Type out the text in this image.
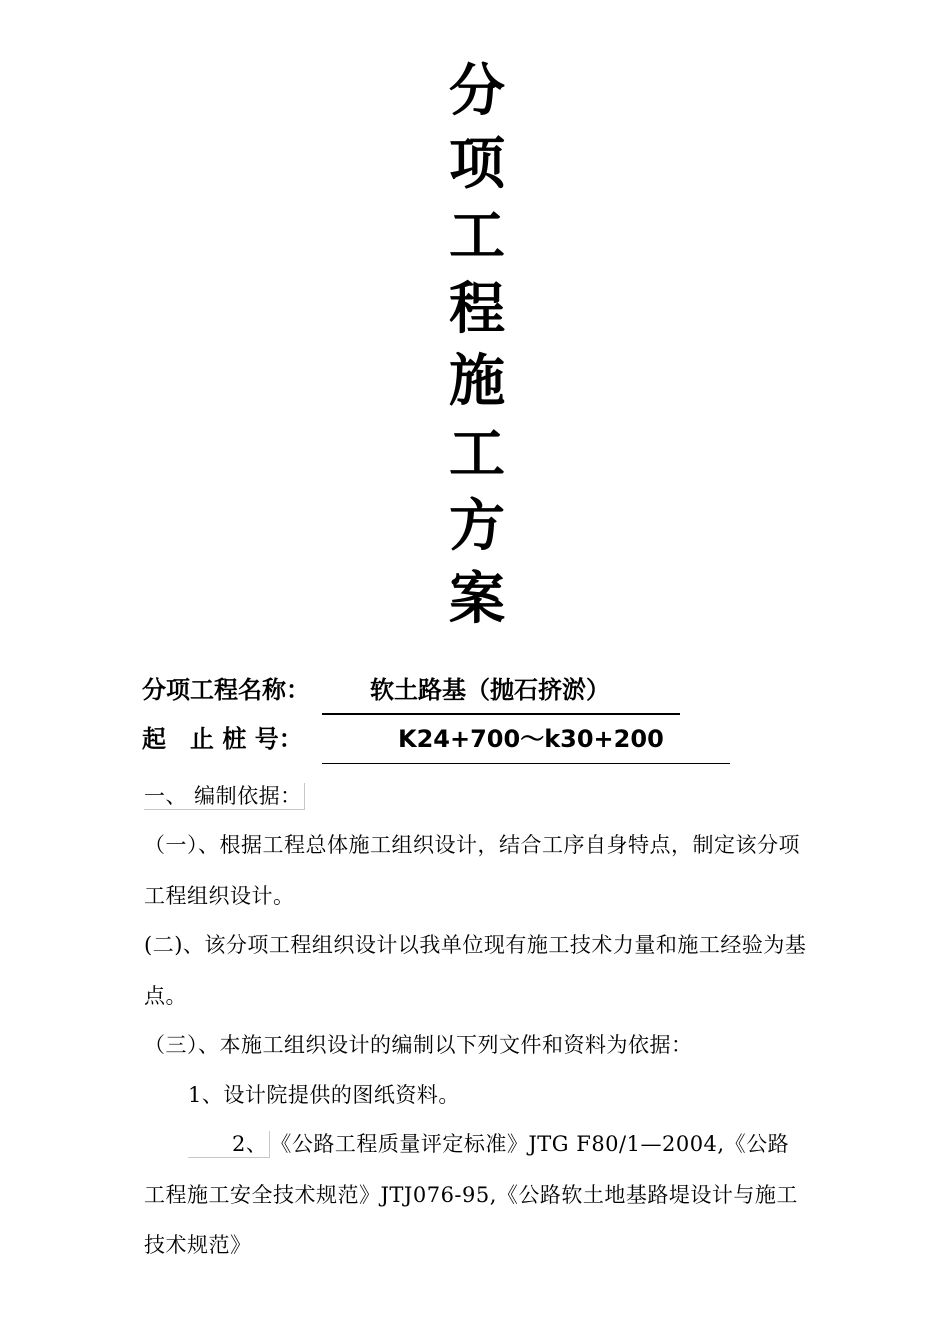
分
项
工
程
施
工
方
案
分项工程名称：	软土路基（抛石挤淤）
起　止 桩 号：	K24+700～k30+200
一、 编制依据：
（一）、根据工程总体施工组织设计，结合工序自身特点，制定该分项工程组织设计。
(二)、该分项工程组织设计以我单位现有施工技术力量和施工经验为基点。
（三）、本施工组织设计的编制以下列文件和资料为依据：
1、设计院提供的图纸资料。
2、 《公路工程质量评定标准》JTG F80/1—2004,《公路工程施工安全技术规范》JTJ076-95,《公路软土地基路堤设计与施工技术规范》
